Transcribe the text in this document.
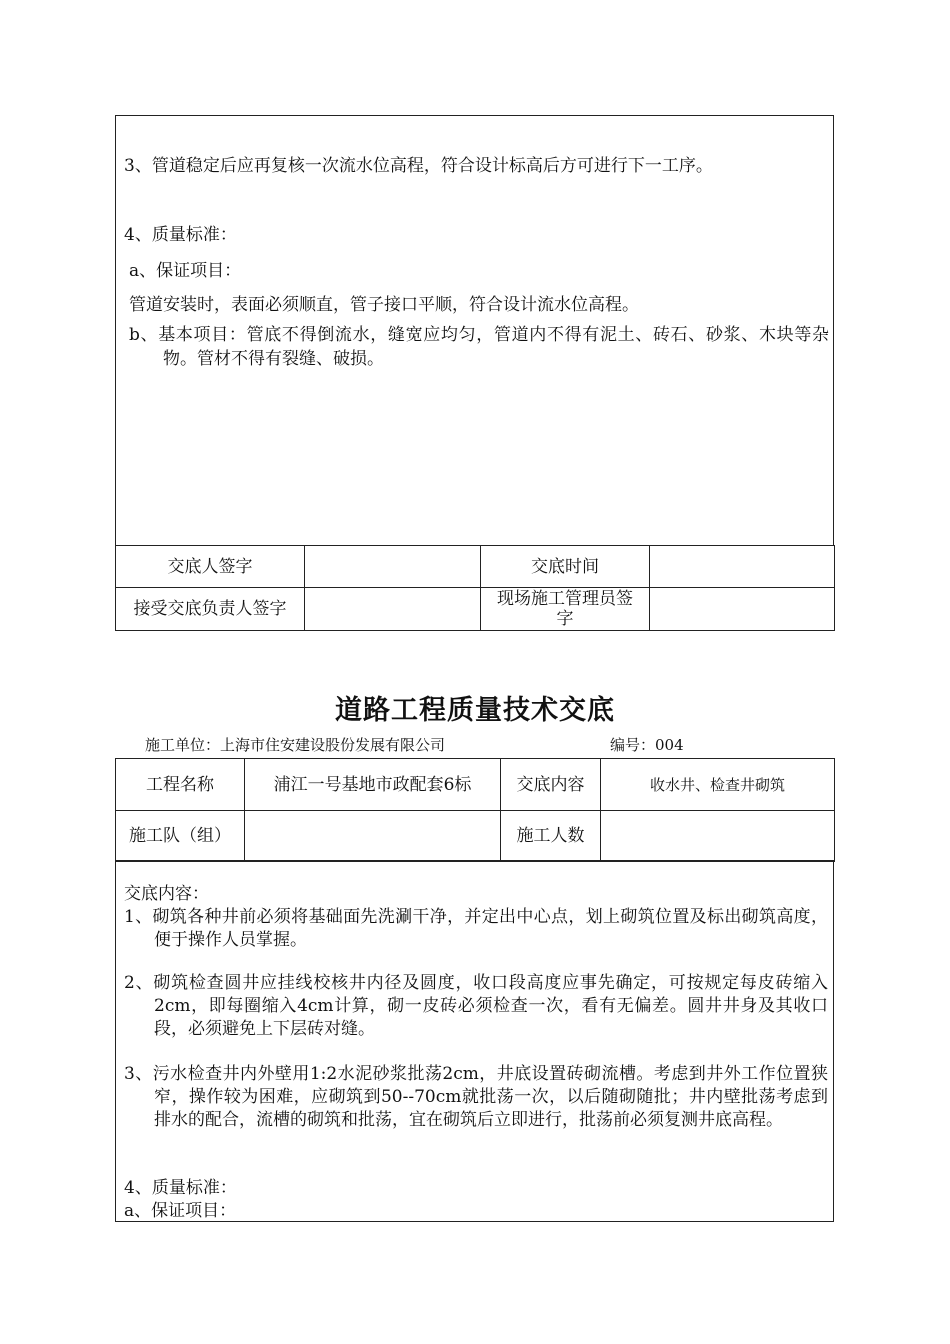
3、管道稳定后应再复核一次流水位高程，符合设计标高后方可进行下一工序。
4、质量标准：
a、保证项目：
管道安装时，表面必须顺直，管子接口平顺，符合设计流水位高程。
b、基本项目：管底不得倒流水，缝宽应均匀，管道内不得有泥土、砖石、砂浆、木块等杂物。管材不得有裂缝、破损。
交底人签字		交底时间	
接受交底负责人签字		现场施工管理员签字	
道路工程质量技术交底
施工单位：上海市住安建设股份发展有限公司	编号：004
工程名称	浦江一号基地市政配套6标	交底内容	收水井、检查井砌筑
施工队（组）		施工人数	
交底内容：
1、砌筑各种井前必须将基础面先洗涮干净，并定出中心点，划上砌筑位置及标出砌筑高度，便于操作人员掌握。
2、砌筑检查圆井应挂线校核井内径及圆度，收口段高度应事先确定，可按规定每皮砖缩入2cm，即每圈缩入4cm计算，砌一皮砖必须检查一次，看有无偏差。圆井井身及其收口段，必须避免上下层砖对缝。
3、污水检查井内外壁用1:2水泥砂浆批荡2cm，井底设置砖砌流槽。考虑到井外工作位置狭窄，操作较为困难，应砌筑到50--70cm就批荡一次，以后随砌随批；井内壁批荡考虑到排水的配合，流槽的砌筑和批荡，宜在砌筑后立即进行，批荡前必须复测井底高程。
4、质量标准：
a、保证项目：
